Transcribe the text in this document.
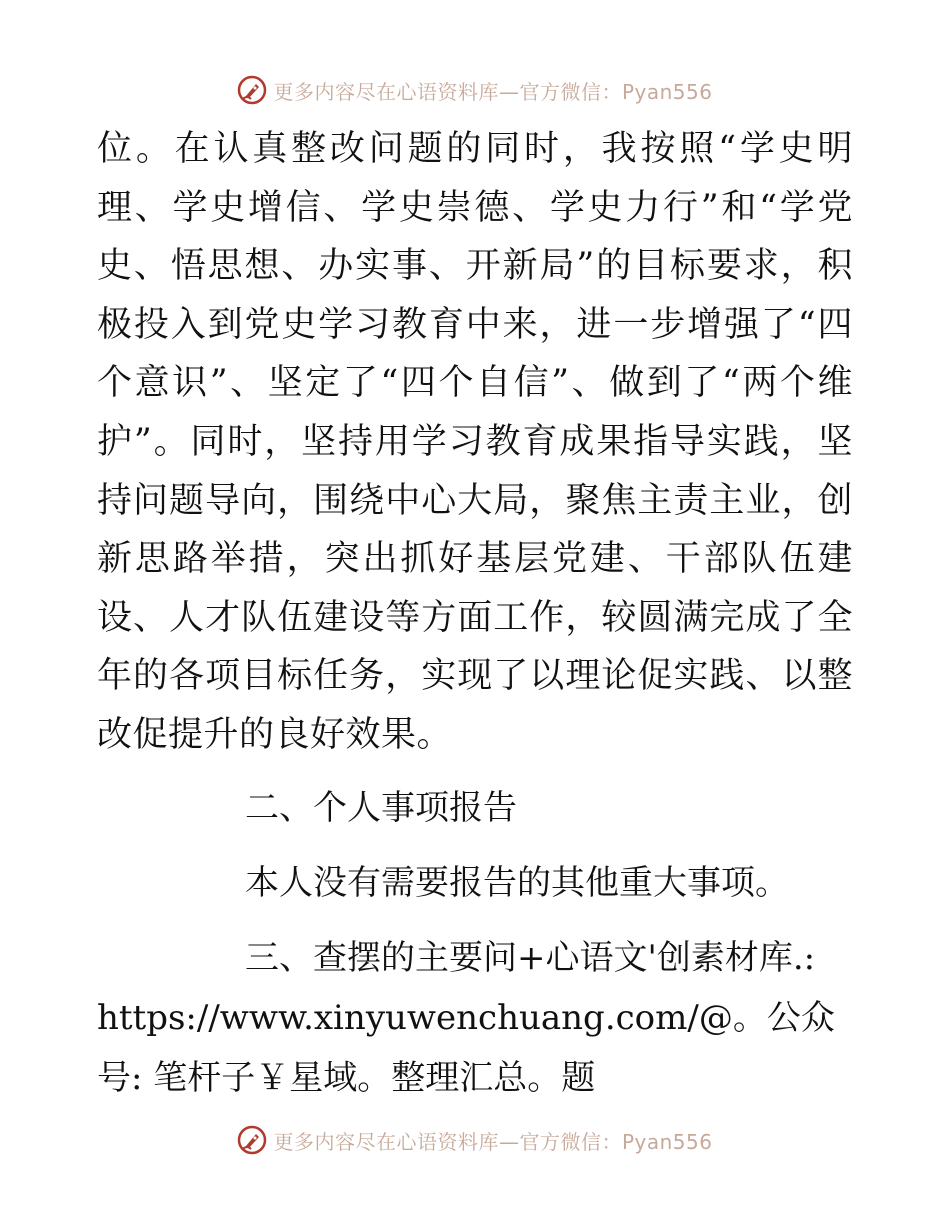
更多内容尽在心语资料库—官方微信：Pyan556

位。在认真整改问题的同时，我按照“学史明理、学史增信、学史崇德、学史力行”和“学党史、悟思想、办实事、开新局”的目标要求，积极投入到党史学习教育中来，进一步增强了“四个意识”、坚定了“四个自信”、做到了“两个维护”。同时，坚持用学习教育成果指导实践，坚持问题导向，围绕中心大局，聚焦主责主业，创新思路举措，突出抓好基层党建、干部队伍建设、人才队伍建设等方面工作，较圆满完成了全年的各项目标任务，实现了以理论促实践、以整改促提升的良好效果。

二、个人事项报告

本人没有需要报告的其他重大事项。

三、查摆的主要问+心语文'创素材库.: https://www.xinyuwenchuang.com/@。公众号: 笔杆子￥星域。整理汇总。题

更多内容尽在心语资料库—官方微信：Pyan556
